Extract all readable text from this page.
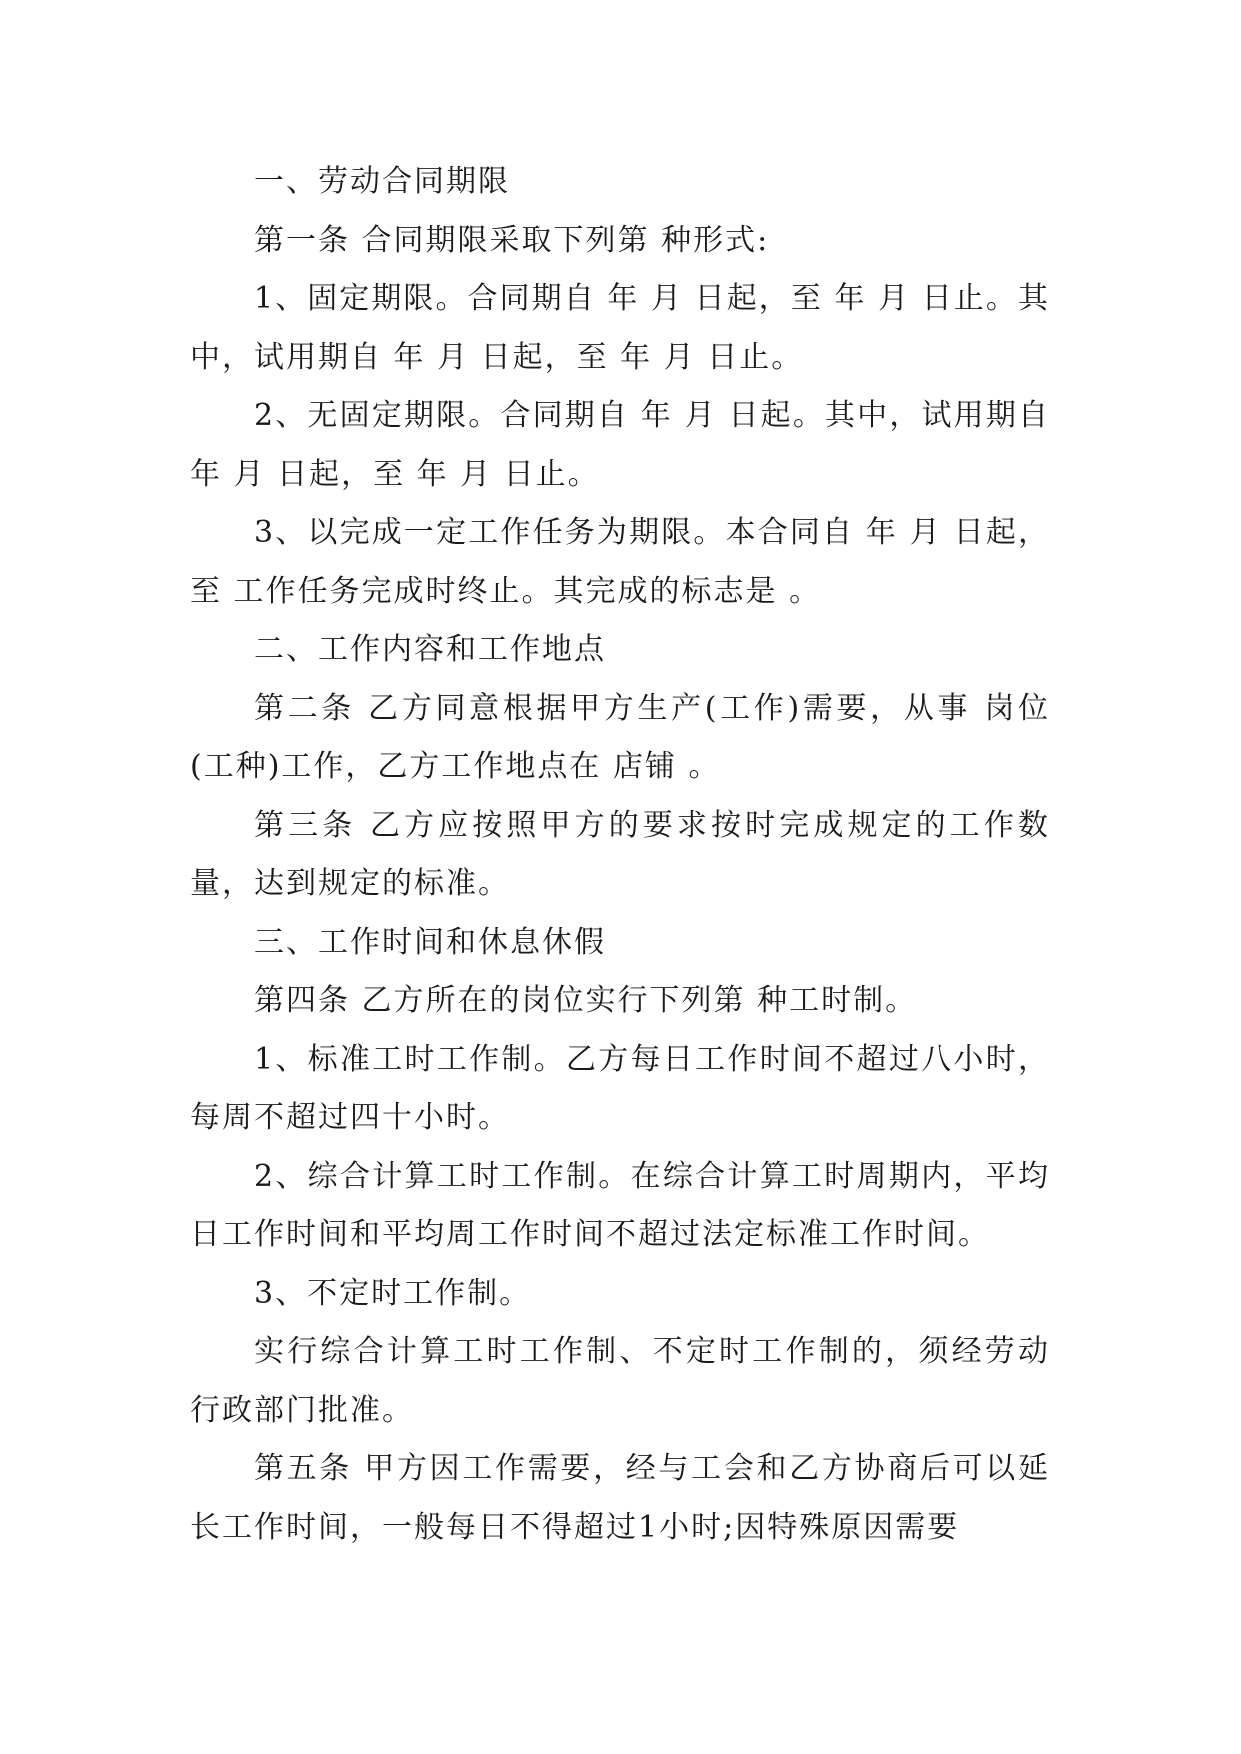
一、劳动合同期限

第一条 合同期限采取下列第 种形式:

1、固定期限。合同期自 年 月 日起，至 年 月 日止。其中，试用期自 年 月 日起，至 年 月 日止。

2、无固定期限。合同期自 年 月 日起。其中，试用期自 年 月 日起，至 年 月 日止。

3、以完成一定工作任务为期限。本合同自 年 月 日起，至 工作任务完成时终止。其完成的标志是 。

二、工作内容和工作地点

第二条 乙方同意根据甲方生产(工作)需要，从事 岗位(工种)工作，乙方工作地点在 店铺 。

第三条 乙方应按照甲方的要求按时完成规定的工作数量，达到规定的标准。

三、工作时间和休息休假

第四条 乙方所在的岗位实行下列第 种工时制。

1、标准工时工作制。乙方每日工作时间不超过八小时，每周不超过四十小时。

2、综合计算工时工作制。在综合计算工时周期内，平均日工作时间和平均周工作时间不超过法定标准工作时间。

3、不定时工作制。

实行综合计算工时工作制、不定时工作制的，须经劳动行政部门批准。

第五条 甲方因工作需要，经与工会和乙方协商后可以延长工作时间，一般每日不得超过1小时;因特殊原因需要
